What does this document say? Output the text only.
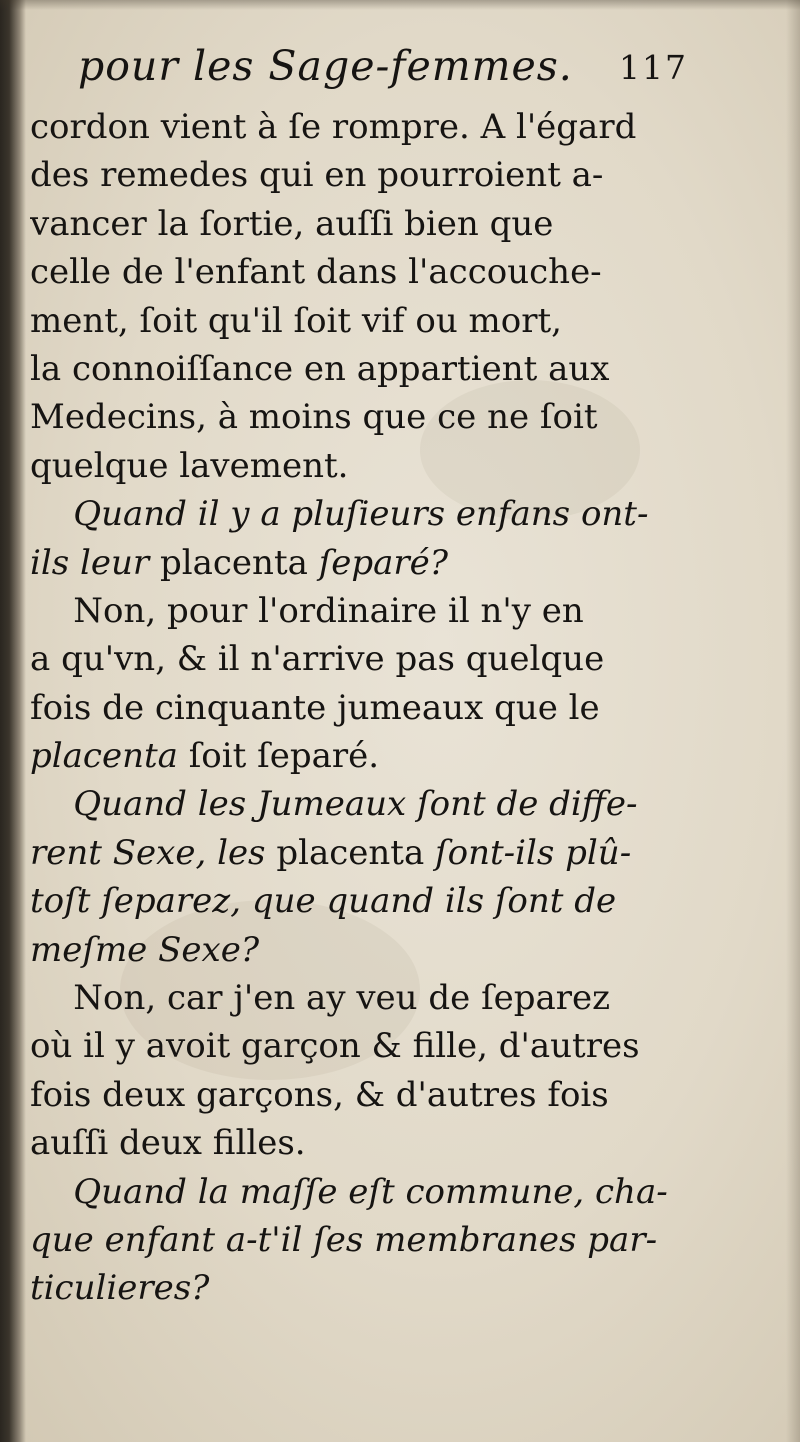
pour les Sage-femmes. 117
cordon vient à ſe rompre. A l'égard
des remedes qui en pourroient a-
vancer la ſortie, auſſi bien que
celle de l'enfant dans l'accouche-
ment, ſoit qu'il ſoit vif ou mort,
la connoiſſance en appartient aux
Medecins, à moins que ce ne ſoit
quelque lavement.
Quand il y a pluſieurs enfans ont-
ils leur placenta ſeparé?
Non, pour l'ordinaire il n'y en
a qu'vn, & il n'arrive pas quelque
fois de cinquante jumeaux que le
placenta ſoit ſeparé.
Quand les Jumeaux ſont de diffe-
rent Sexe, les placenta ſont-ils plû-
toſt ſeparez, que quand ils ſont de
meſme Sexe?
Non, car j'en ay veu de ſeparez
où il y avoit garçon & fille, d'autres
fois deux garçons, & d'autres fois
auſſi deux filles.
Quand la maſſe eſt commune, cha-
que enfant a-t'il ſes membranes par-
ticulieres?
